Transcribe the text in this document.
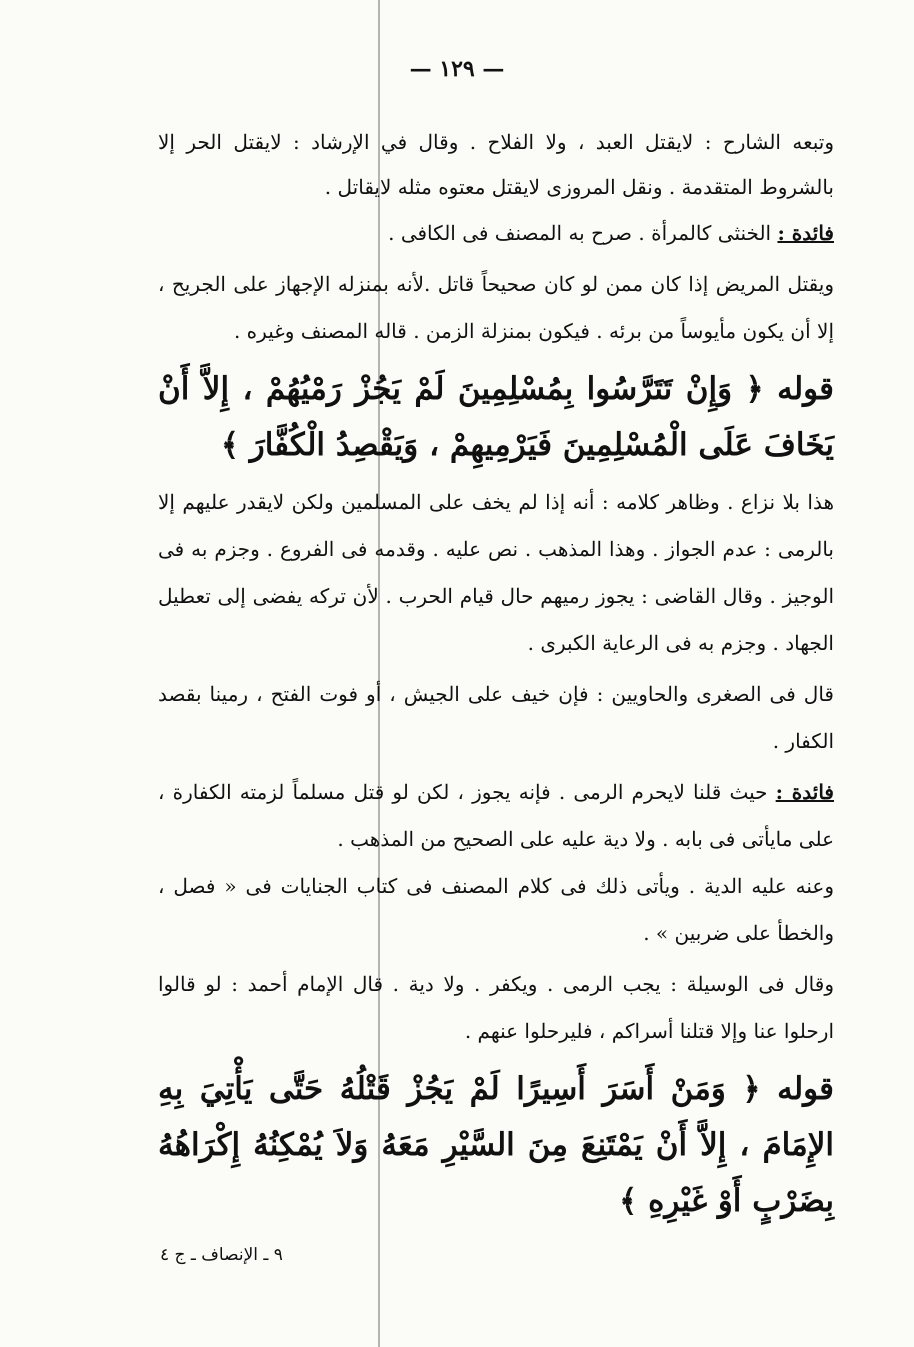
— ١٢٩ —

وتبعه الشارح : لايقتل العبد ، ولا الفلاح . وقال في الإرشاد : لايقتل الحر إلا بالشروط المتقدمة . ونقل المروزى لايقتل معتوه مثله لايقاتل .

فائدة : الخنثى كالمرأة . صرح به المصنف فى الكافى .

ويقتل المريض إذا كان ممن لو كان صحيحاً قاتل .لأنه بمنزله الإجهاز على الجريح ، إلا أن يكون مأيوساً من برئه . فيكون بمنزلة الزمن . قاله المصنف وغيره .

قوله ﴿ وَإِنْ تَتَرَّسُوا بِمُسْلِمِينَ لَمْ يَجُزْ رَمْيُهُمْ ، إِلاَّ أَنْ يَخَافَ عَلَى الْمُسْلِمِينَ فَيَرْمِيهِمْ ، وَيَقْصِدُ الْكُفَّارَ ﴾

هذا بلا نزاع . وظاهر كلامه : أنه إذا لم يخف على المسلمين ولكن لايقدر عليهم إلا بالرمى : عدم الجواز . وهذا المذهب . نص عليه . وقدمه فى الفروع . وجزم به فى الوجيز . وقال القاضى : يجوز رميهم حال قيام الحرب . لأن تركه يفضى إلى تعطيل الجهاد . وجزم به فى الرعاية الكبرى .

قال فى الصغرى والحاويين : فإن خيف على الجيش ، أو فوت الفتح ، رمينا بقصد الكفار .

فائدة : حيث قلنا لايحرم الرمى . فإنه يجوز ، لكن لو قتل مسلماً لزمته الكفارة ، على مايأتى فى بابه . ولا دية عليه على الصحيح من المذهب .

وعنه عليه الدية . ويأتى ذلك فى كلام المصنف فى كتاب الجنايات فى « فصل ، والخطأ على ضربين » .

وقال فى الوسيلة : يجب الرمى . ويكفر . ولا دية . قال الإمام أحمد : لو قالوا ارحلوا عنا وإلا قتلنا أسراكم ، فليرحلوا عنهم .

قوله ﴿ وَمَنْ أَسَرَ أَسِيرًا لَمْ يَجُزْ قَتْلُهُ حَتَّى يَأْتِيَ بِهِ الإِمَامَ ، إِلاَّ أَنْ يَمْتَنِعَ مِنَ السَّيْرِ مَعَهُ وَلاَ يُمْكِنُهُ إِكْرَاهُهُ بِضَرْبٍ أَوْ غَيْرِهِ ﴾

٩ ـ الإنصاف ـ ج ٤
